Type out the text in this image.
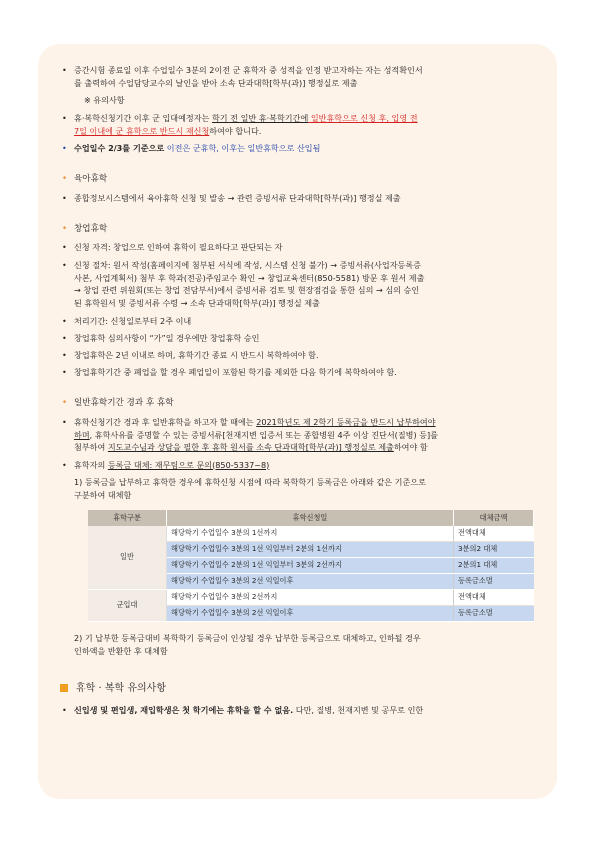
• 증간시험 종료일 이후 수업일수 3분의 2이전 군 휴학자 중 성적을 인정 받고자하는 자는 성적확인서
를 출력하여 수업담당교수의 날인을 받아 소속 단과대학[학부(과)] 행정실로 제출
※ 유의사항
• 휴·복학신청기간 이후 군 입대예정자는 학기 전 일반 휴·복학기간에 일반휴학으로 신청 후, 입영 전
7일 이내에 군 휴학으로 반드시 재신청하여야 합니다.
• 수업일수 2/3를 기준으로 이전은 군휴학, 이후는 일반휴학으로 산입됨
• 육아휴학
• 종합정보시스템에서 육아휴학 신청 및 발송 → 관련 증빙서류 단과대학[학부(과)] 행정실 제출
• 창업휴학
• 신청 자격: 창업으로 인하여 휴학이 필요하다고 판단되는 자
• 신청 절차: 원서 작성(홈페이지에 첨부된 서식에 작성, 시스템 신청 불가) → 증빙서류(사업자등록증
사본, 사업계획서) 첨부 후 학과(전공)주임교수 확인 → 창업교육센터(850-5581) 방문 후 원서 제출
→ 창업 관련 위원회(또는 창업 전담부서)에서 증빙서류 검토 및 현장점검을 통한 심의 → 심의 승인
된 휴학원서 및 증빙서류 수령 → 소속 단과대학[학부(과)] 행정실 제출
• 처리기간: 신청일로부터 2주 이내
• 창업휴학 심의사항이 “가”일 경우에만 창업휴학 승인
• 창업휴학은 2년 이내로 하며, 휴학기간 종료 시 반드시 복학하여야 함.
• 창업휴학기간 중 폐업을 할 경우 폐업일이 포함된 학기를 제외한 다음 학기에 복학하여야 함.
• 일반휴학기간 경과 후 휴학
• 휴학신청기간 경과 후 일반휴학을 하고자 할 때에는 2021학년도 제 2학기 등록금을 반드시 납부하여야
하며, 휴학사유를 증명할 수 있는 증빙서류[천재지변 입증서 또는 종합병원 4주 이상 진단서(질병) 등]를
첨부하여 지도교수님과 상담을 필한 후 휴학 원서를 소속 단과대학[학부(과)] 행정실로 제출하여야 함
• 휴학자의 등록금 대체: 재무팀으로 문의(850-5337~8)
1) 등록금을 납부하고 휴학한 경우에 휴학신청 시점에 따라 복학학기 등록금은 아래와 같은 기준으로
구분하여 대체함
휴학구분	휴학신청일	대체금액
일반	해당학기 수업일수 3분의 1선까지	전액대체
	해당학기 수업일수 3분의 1선 익일부터 2분의 1선까지	3분의2 대체
	해당학기 수업일수 2분의 1선 익일부터 3분의 2선까지	2분의1 대체
	해당학기 수업일수 3분의 2선 익일이후	등록금소멸
군입대	해당학기 수업일수 3분의 2선까지	전액대체
	해당학기 수업일수 3분의 2선 익일이후	등록금소멸
2) 기 납부한 등록금대비 복학학기 등록금이 인상될 경우 납부한 등록금으로 대체하고, 인하될 경우
인하액을 반환한 후 대체함
휴학 · 복학 유의사항
• 신입생 및 편입생, 재입학생은 첫 학기에는 휴학을 할 수 없음. 다만, 질병, 천재지변 및 공무로 인한
